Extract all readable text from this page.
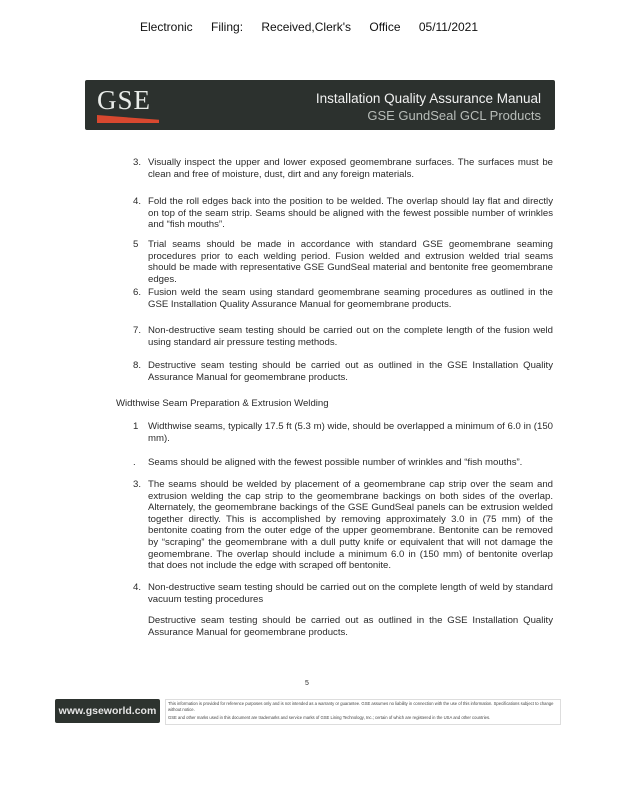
Electronic Filing: Received,Clerk's Office 05/11/2021
GSE	Installation Quality Assurance Manual
GSE GundSeal GCL Products
3. Visually inspect the upper and lower exposed geomembrane surfaces. The surfaces must be clean and free of moisture, dust, dirt and any foreign materials.
4. Fold the roll edges back into the position to be welded. The overlap should lay flat and directly on top of the seam strip. Seams should be aligned with the fewest possible number of wrinkles and “fish mouths”.
5	Trial seams should be made in accordance with standard GSE geomembrane seaming procedures prior to each welding period. Fusion welded and extrusion welded trial seams should be made with representative GSE GundSeal material and bentonite free geomembrane edges.
6. Fusion weld the seam using standard geomembrane seaming procedures as outlined in the GSE Installation Quality Assurance Manual for geomembrane products.
7. Non-destructive seam testing should be carried out on the complete length of the fusion weld using standard air pressure testing methods.
8. Destructive seam testing should be carried out as outlined in the GSE Installation Quality Assurance Manual for geomembrane products.
Widthwise Seam Preparation & Extrusion Welding
1	Widthwise seams, typically 17.5 ft (5.3 m) wide, should be overlapped a minimum of 6.0 in (150 mm).
.	Seams should be aligned with the fewest possible number of wrinkles and “fish mouths”.
3. The seams should be welded by placement of a geomembrane cap strip over the seam and extrusion welding the cap strip to the geomembrane backings on both sides of the overlap. Alternately, the geomembrane backings of the GSE GundSeal panels can be extrusion welded together directly. This is accomplished by removing approximately 3.0 in (75 mm) of the bentonite coating from the outer edge of the upper geomembrane. Bentonite can be removed by “scraping” the geomembrane with a dull putty knife or equivalent that will not damage the geomembrane. The overlap should include a minimum 6.0 in (150 mm) of bentonite overlap that does not include the edge with scraped off bentonite.
4. Non-destructive seam testing should be carried out on the complete length of weld by standard vacuum testing procedures
Destructive seam testing should be carried out as outlined in the GSE Installation Quality Assurance Manual for geomembrane products.
5
www.gseworld.com
This information is provided for reference purposes only and is not intended as a warranty or guarantee. GSE assumes no liability in connection with the use of this information. Specifications subject to change without notice.
GSE and other marks used in this document are trademarks and service marks of GSE Lining Technology, Inc.; certain of which are registered in the USA and other countries.
